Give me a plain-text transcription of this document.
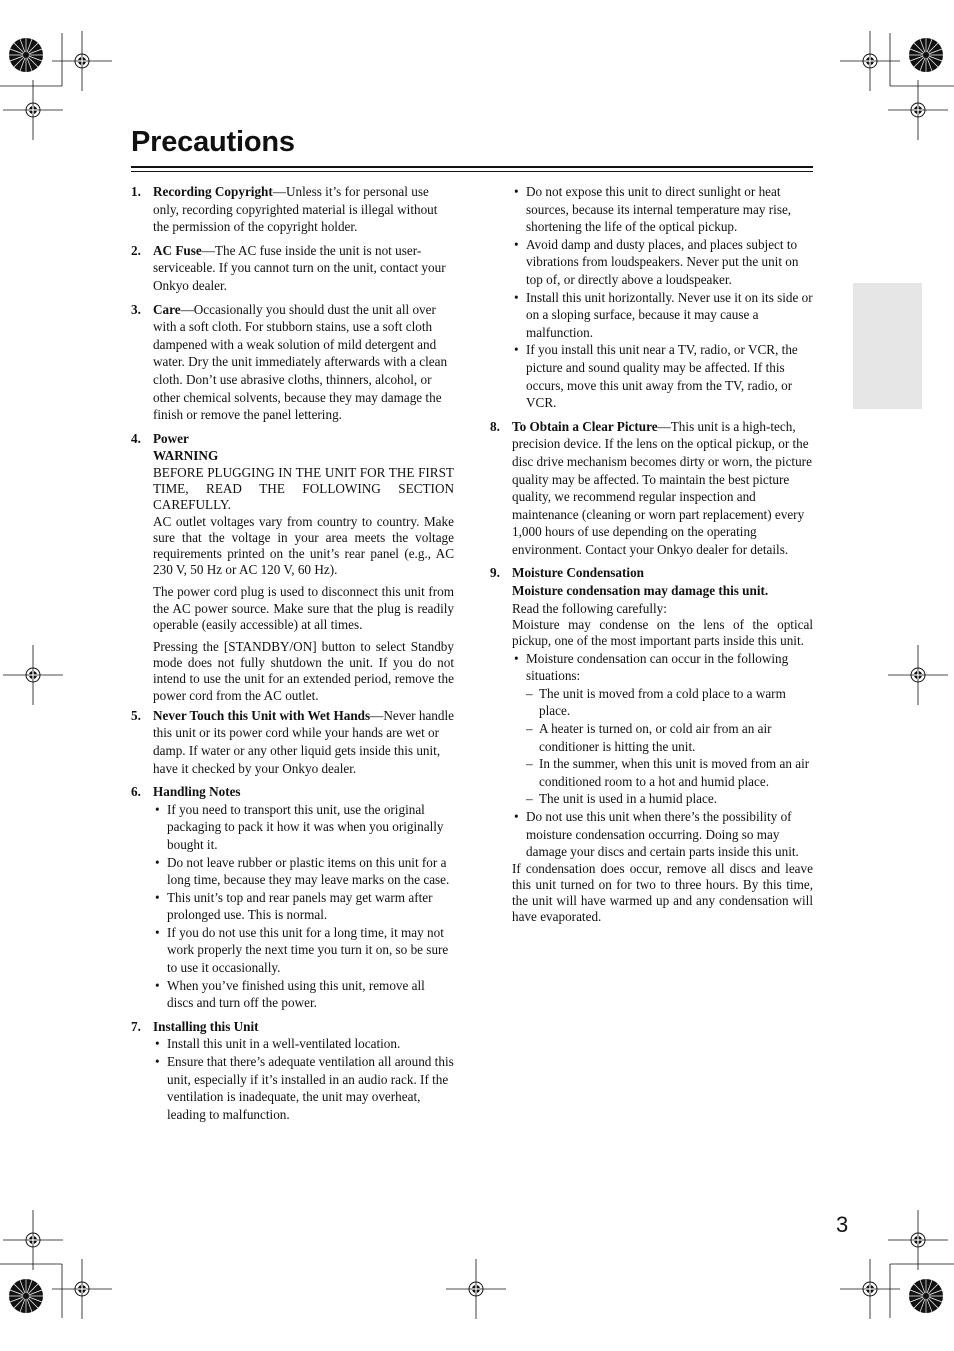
Precautions
3
1. Recording Copyright—Unless it’s for personal use only, recording copyrighted material is illegal without the permission of the copyright holder.

2. AC Fuse—The AC fuse inside the unit is not user-serviceable. If you cannot turn on the unit, contact your Onkyo dealer.

3. Care—Occasionally you should dust the unit all over with a soft cloth. For stubborn stains, use a soft cloth dampened with a weak solution of mild detergent and water. Dry the unit immediately afterwards with a clean cloth. Don’t use abrasive cloths, thinners, alcohol, or other chemical solvents, because they may damage the finish or remove the panel lettering.

4. Power

WARNING

BEFORE PLUGGING IN THE UNIT FOR THE FIRST TIME, READ THE FOLLOWING SECTION CAREFULLY.

AC outlet voltages vary from country to country. Make sure that the voltage in your area meets the voltage requirements printed on the unit’s rear panel (e.g., AC 230 V, 50 Hz or AC 120 V, 60 Hz).

The power cord plug is used to disconnect this unit from the AC power source. Make sure that the plug is readily operable (easily accessible) at all times.

Pressing the [STANDBY/ON] button to select Standby mode does not fully shutdown the unit. If you do not intend to use the unit for an extended period, remove the power cord from the AC outlet.

5. Never Touch this Unit with Wet Hands—Never handle this unit or its power cord while your hands are wet or damp. If water or any other liquid gets inside this unit, have it checked by your Onkyo dealer.

6. Handling Notes

• If you need to transport this unit, use the original packaging to pack it how it was when you originally bought it.
• Do not leave rubber or plastic items on this unit for a long time, because they may leave marks on the case.
• This unit’s top and rear panels may get warm after prolonged use. This is normal.
• If you do not use this unit for a long time, it may not work properly the next time you turn it on, so be sure to use it occasionally.
• When you’ve finished using this unit, remove all discs and turn off the power.
7. Installing this Unit

• Install this unit in a well-ventilated location.
• Ensure that there’s adequate ventilation all around this unit, especially if it’s installed in an audio rack. If the ventilation is inadequate, the unit may overheat, leading to malfunction.
• Do not expose this unit to direct sunlight or heat sources, because its internal temperature may rise, shortening the life of the optical pickup.
• Avoid damp and dusty places, and places subject to vibrations from loudspeakers. Never put the unit on top of, or directly above a loudspeaker.
• Install this unit horizontally. Never use it on its side or on a sloping surface, because it may cause a malfunction.
• If you install this unit near a TV, radio, or VCR, the picture and sound quality may be affected. If this occurs, move this unit away from the TV, radio, or VCR.
8. To Obtain a Clear Picture—This unit is a high-tech, precision device. If the lens on the optical pickup, or the disc drive mechanism becomes dirty or worn, the picture quality may be affected. To maintain the best picture quality, we recommend regular inspection and maintenance (cleaning or worn part replacement) every 1,000 hours of use depending on the operating environment. Contact your Onkyo dealer for details.

9. Moisture Condensation

Moisture condensation may damage this unit.

Read the following carefully:

Moisture may condense on the lens of the optical pickup, one of the most important parts inside this unit.

• Moisture condensation can occur in the following situations:
– The unit is moved from a cold place to a warm place.
– A heater is turned on, or cold air from an air conditioner is hitting the unit.
– In the summer, when this unit is moved from an air conditioned room to a hot and humid place.
– The unit is used in a humid place.
• Do not use this unit when there’s the possibility of moisture condensation occurring. Doing so may damage your discs and certain parts inside this unit.

If condensation does occur, remove all discs and leave this unit turned on for two to three hours. By this time, the unit will have warmed up and any condensation will have evaporated.
